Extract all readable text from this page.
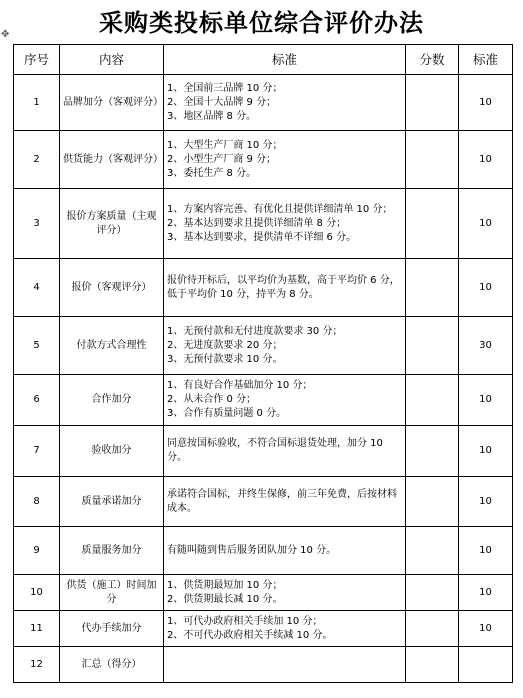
采购类投标单位综合评价办法
✥
序号	内容	标准	分数	标准
1	品牌加分（客观评分）	1、全国前三品牌 10 分；
2、全国十大品牌 9 分；
3、地区品牌 8 分。		10
2	供货能力（客观评分）	1、大型生产厂商 10 分；
2、小型生产厂商 9 分；
3、委托生产 8 分。		10
3	报价方案质量（主观评分）	1、方案内容完善、有优化且提供详细清单 10 分；
2、基本达到要求且提供详细清单 8 分；
3、基本达到要求，提供清单不详细 6 分。		10
4	报价（客观评分）	报价待开标后，以平均价为基数，高于平均价 6 分，低于平均价 10 分，持平为 8 分。		10
5	付款方式合理性	1、无预付款和无付进度款要求 30 分；
2、无进度款要求 20 分；
3、无预付款要求 10 分。		30
6	合作加分	1、有良好合作基础加分 10 分；
2、从未合作 0 分；
3、合作有质量问题 0 分。		10
7	验收加分	同意按国标验收，不符合国标退货处理，加分 10 分。		10
8	质量承诺加分	承诺符合国标，并终生保修，前三年免费，后按材料成本。		10
9	质量服务加分	有随叫随到售后服务团队加分 10 分。		10
10	供货（施工）时间加分	1、供货期最短加 10 分；
2、供货期最长减 10 分。		10
11	代办手续加分	1、可代办政府相关手续加 10 分；
2、不可代办政府相关手续减 10 分。		10
12	汇总（得分）			
